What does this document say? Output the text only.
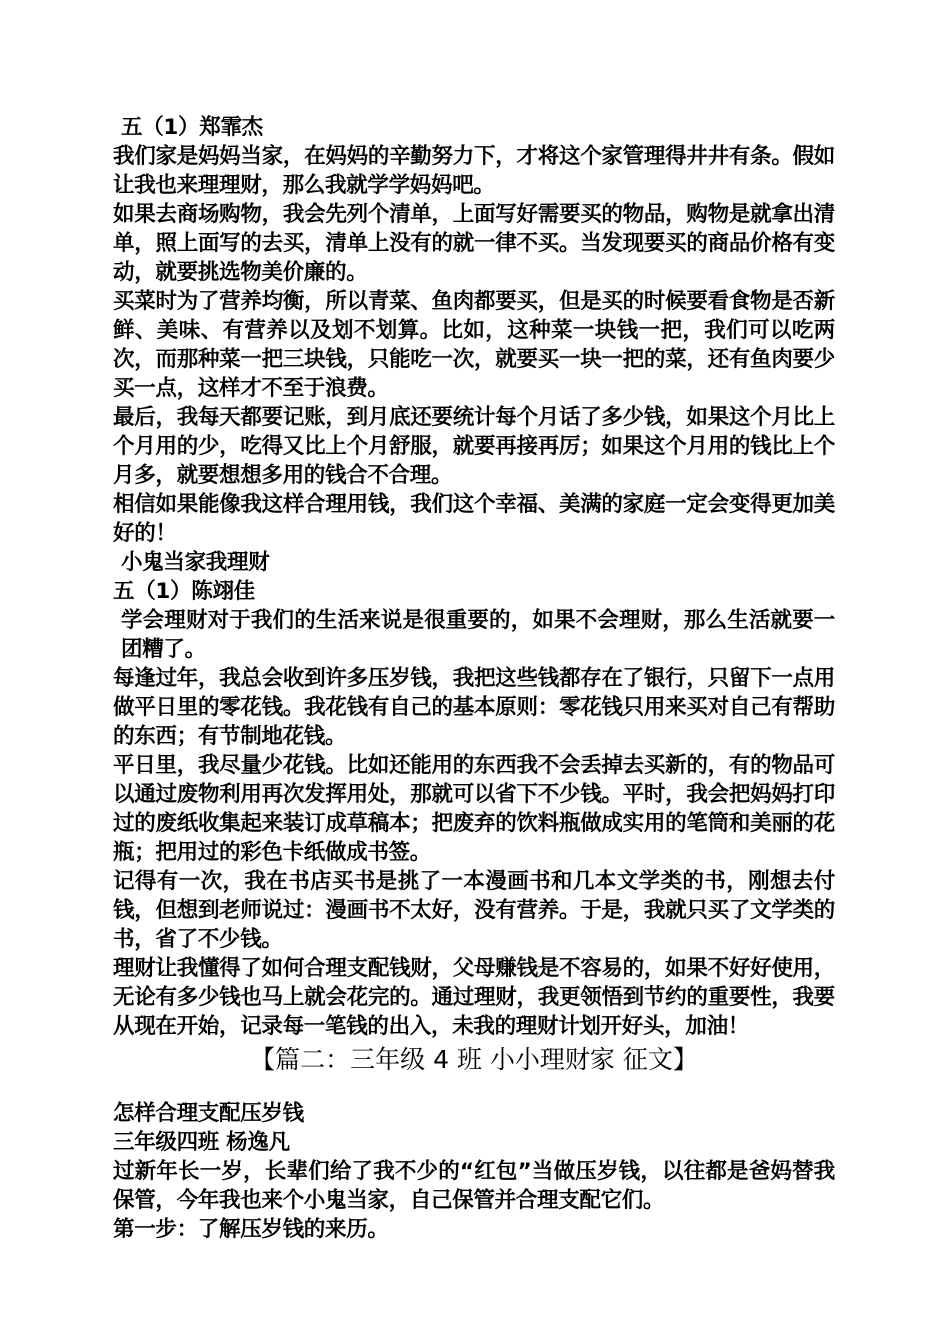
五（1）郑霏杰

我们家是妈妈当家，在妈妈的辛勤努力下，才将这个家管理得井井有条。假如让我也来理理财，那么我就学学妈妈吧。

如果去商场购物，我会先列个清单，上面写好需要买的物品，购物是就拿出清单，照上面写的去买，清单上没有的就一律不买。当发现要买的商品价格有变动，就要挑选物美价廉的。

买菜时为了营养均衡，所以青菜、鱼肉都要买，但是买的时候要看食物是否新鲜、美味、有营养以及划不划算。比如，这种菜一块钱一把，我们可以吃两次，而那种菜一把三块钱，只能吃一次，就要买一块一把的菜，还有鱼肉要少买一点，这样才不至于浪费。

最后，我每天都要记账，到月底还要统计每个月话了多少钱，如果这个月比上个月用的少，吃得又比上个月舒服，就要再接再厉；如果这个月用的钱比上个月多，就要想想多用的钱合不合理。

相信如果能像我这样合理用钱，我们这个幸福、美满的家庭一定会变得更加美好的！

小鬼当家我理财

五（1）陈翊佳

学会理财对于我们的生活来说是很重要的，如果不会理财，那么生活就要一团糟了。

每逢过年，我总会收到许多压岁钱，我把这些钱都存在了银行，只留下一点用做平日里的零花钱。我花钱有自己的基本原则：零花钱只用来买对自己有帮助的东西；有节制地花钱。

平日里，我尽量少花钱。比如还能用的东西我不会丢掉去买新的，有的物品可以通过废物利用再次发挥用处，那就可以省下不少钱。平时，我会把妈妈打印过的废纸收集起来装订成草稿本；把废弃的饮料瓶做成实用的笔筒和美丽的花瓶；把用过的彩色卡纸做成书签。

记得有一次，我在书店买书是挑了一本漫画书和几本文学类的书，刚想去付钱，但想到老师说过：漫画书不太好，没有营养。于是，我就只买了文学类的书，省了不少钱。

理财让我懂得了如何合理支配钱财，父母赚钱是不容易的，如果不好好使用，无论有多少钱也马上就会花完的。通过理财，我更领悟到节约的重要性，我要从现在开始，记录每一笔钱的出入，未我的理财计划开好头，加油！

【篇二：三年级 4 班 小小理财家 征文】

怎样合理支配压岁钱

三年级四班 杨逸凡

过新年长一岁，长辈们给了我不少的“红包”当做压岁钱，以往都是爸妈替我保管，今年我也来个小鬼当家，自己保管并合理支配它们。

第一步：了解压岁钱的来历。
